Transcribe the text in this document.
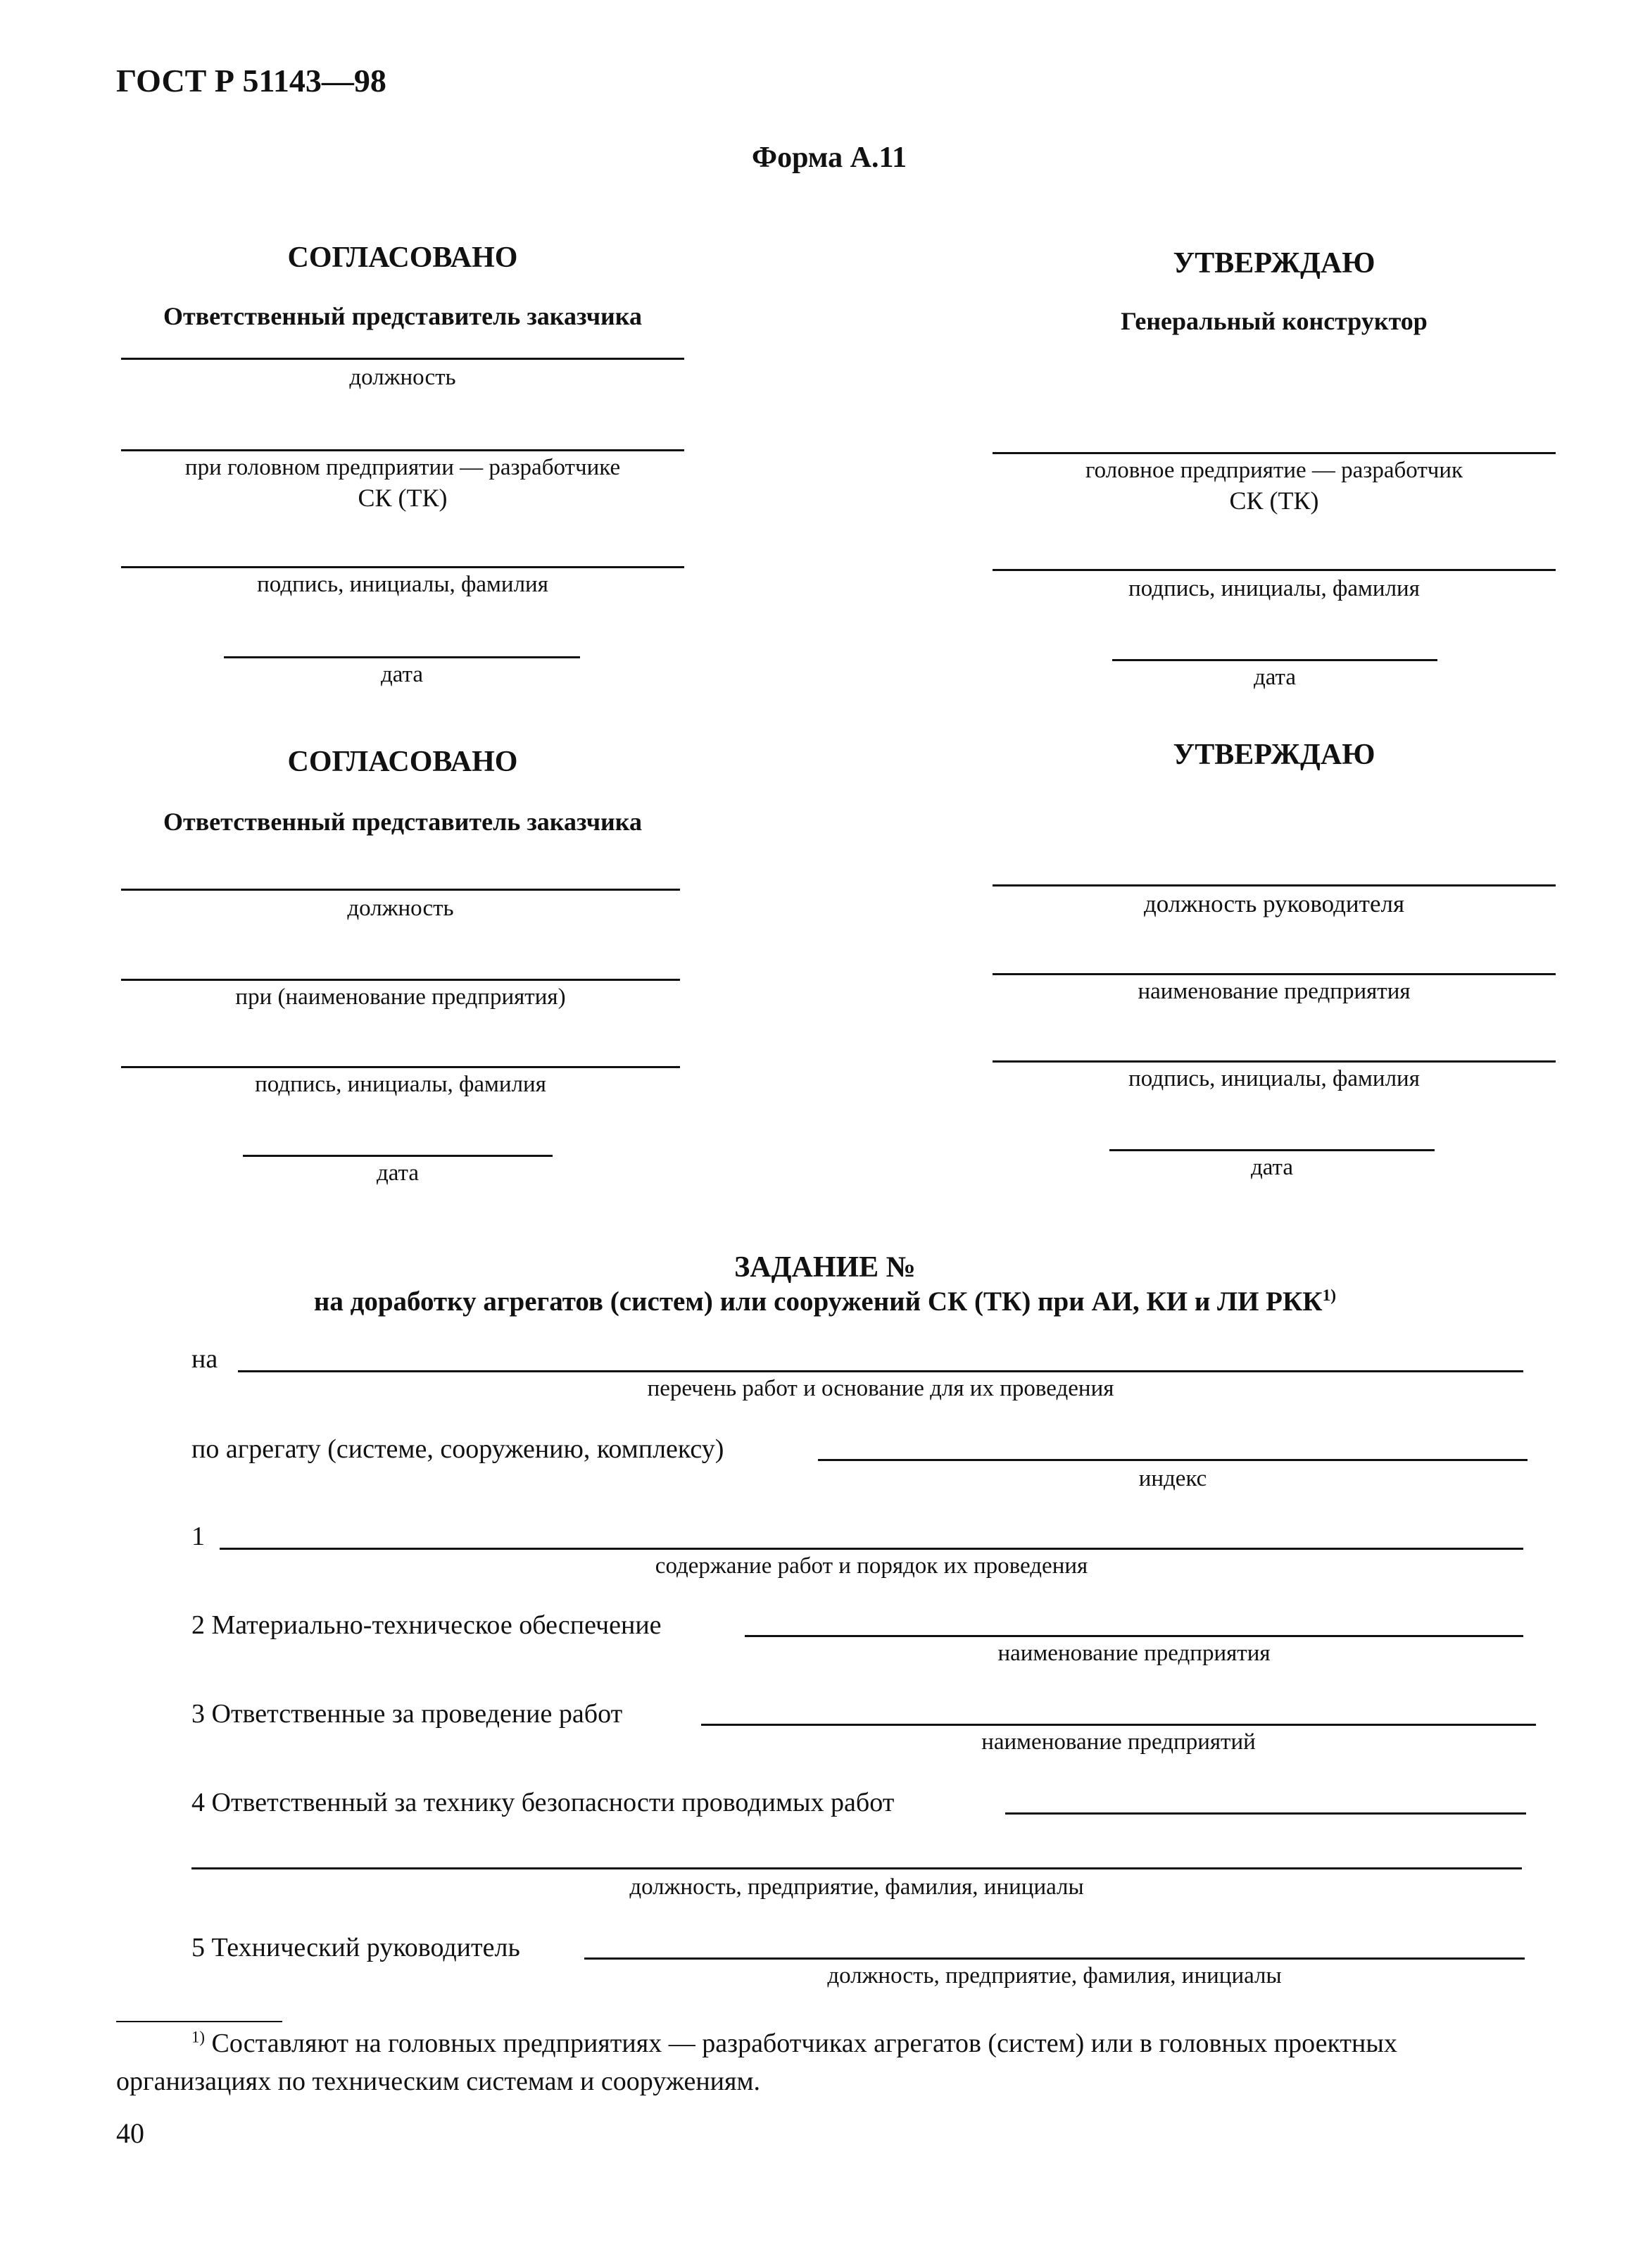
ГОСТ Р 51143—98
Форма А.11
СОГЛАСОВАНО
Ответственный представитель заказчика
должность
при головном предприятии — разработчике
СК (ТК)
подпись, инициалы, фамилия
дата
УТВЕРЖДАЮ
Генеральный конструктор
головное предприятие — разработчик
СК (ТК)
подпись, инициалы, фамилия
дата
СОГЛАСОВАНО
Ответственный представитель заказчика
должность
при (наименование предприятия)
подпись, инициалы, фамилия
дата
УТВЕРЖДАЮ
должность руководителя
наименование предприятия
подпись, инициалы, фамилия
дата
ЗАДАНИЕ №
на доработку агрегатов (систем) или сооружений СК (ТК) при АИ, КИ и ЛИ РКК$^{1)}$
на
перечень работ и основание для их проведения
по агрегату (системе, сооружению, комплексу)
индекс
1
содержание работ и порядок их проведения
2 Материально-техническое обеспечение
наименование предприятия
3 Ответственные за проведение работ
наименование предприятий
4 Ответственный за технику безопасности проводимых работ
должность, предприятие, фамилия, инициалы
5 Технический руководитель
должность, предприятие, фамилия, инициалы
$^{1)}$ Составляют на головных предприятиях — разработчиках агрегатов (систем) или в головных проектных
организациях по техническим системам и сооружениям.
40
